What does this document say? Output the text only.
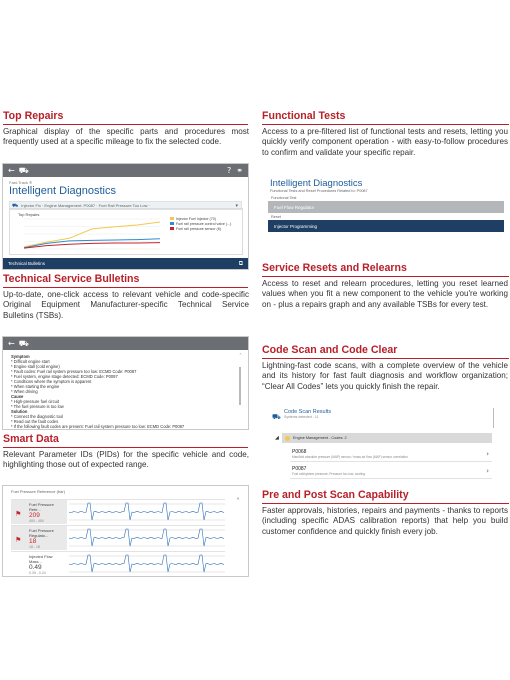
Top Repairs
Graphical display of the specific parts and procedures most frequently used at a specific mileage to fix the selected code.
Technical Service Bulletins
Up-to-date, one-click access to relevant vehicle and code-specific Original Equipment Manufacturer-specific Technical Service Bulletins (TSBs).
Smart Data
Relevant Parameter IDs (PIDs) for the specific vehicle and code, highlighting those out of expected range.
← ⛟	? ⚭
Fast-Track ®
Intelligent Diagnostics
⛟ Injector Fix · Engine Management: P0087 · Fuel Rail Pressure Too Low ·	▾
Top Repairs
Injector Fuel Injector (70)
Fuel rail pressure control valve (...)
Fuel rail pressure sensor (6)
Technical Bulletins	⧉
← ⛟
Symptom
* Difficult engine start
* Engine stall (cold engine)
* Fault codes: Fuel rail system pressure too low: ECMD Code: P0087
* Fuel system, engine stage detected: ECMD Code: P0097
* Conditions where the symptom is apparent
* When starting the engine
* When driving
Cause
* High-pressure fuel circuit
* The fuel pressure is too low
Solution
* Connect the diagnostic tool
* Read out the fault codes
* If the following fault codes are present: Fuel rail system pressure too low: ECMD Code: P0087
˄
Fuel Pressure Reference (bar)
⚑
Fuel Pressure Refe...
209
400 - 450
⚑
Fuel Pressure Regulato...
18
18 - 18
Injected Flow Mass...
0.49
0.39 - 0.24
˄
Functional Tests
Access to a pre-filtered list of functional tests and resets, letting you quickly verify component operation - with easy-to-follow procedures to confirm and validate your specific repair.
Service Resets and Relearns
Access to reset and relearn procedures, letting you reset learned values when you fit a new component to the vehicle you're working on - plus a repairs graph and any available TSBs for every test.
Code Scan and Code Clear
Lightning-fast code scans, with a complete overview of the vehicle and its history for fast fault diagnosis and workflow organization; “Clear All Codes” lets you quickly finish the repair.
Pre and Post Scan Capability
Faster approvals, histories, repairs and payments - thanks to reports (including specific ADAS calibration reports) that help you build customer confidence and quickly finish every job.
Intelligent Diagnostics
Functional Tests and Reset Procedures Related to: P0087
Functional Test
Fuel Flow Regulator
Reset
Injector Programming
⛟
Code Scan Results
Systems detected - 11
◢	Engine Management - Codes: 2
P0068
Manifold absolute pressure (MAP) sensor / mass air flow (MAF) sensor correlation	›
P0087
Fuel rail/system pressure: Pressure too low; cooling	›
